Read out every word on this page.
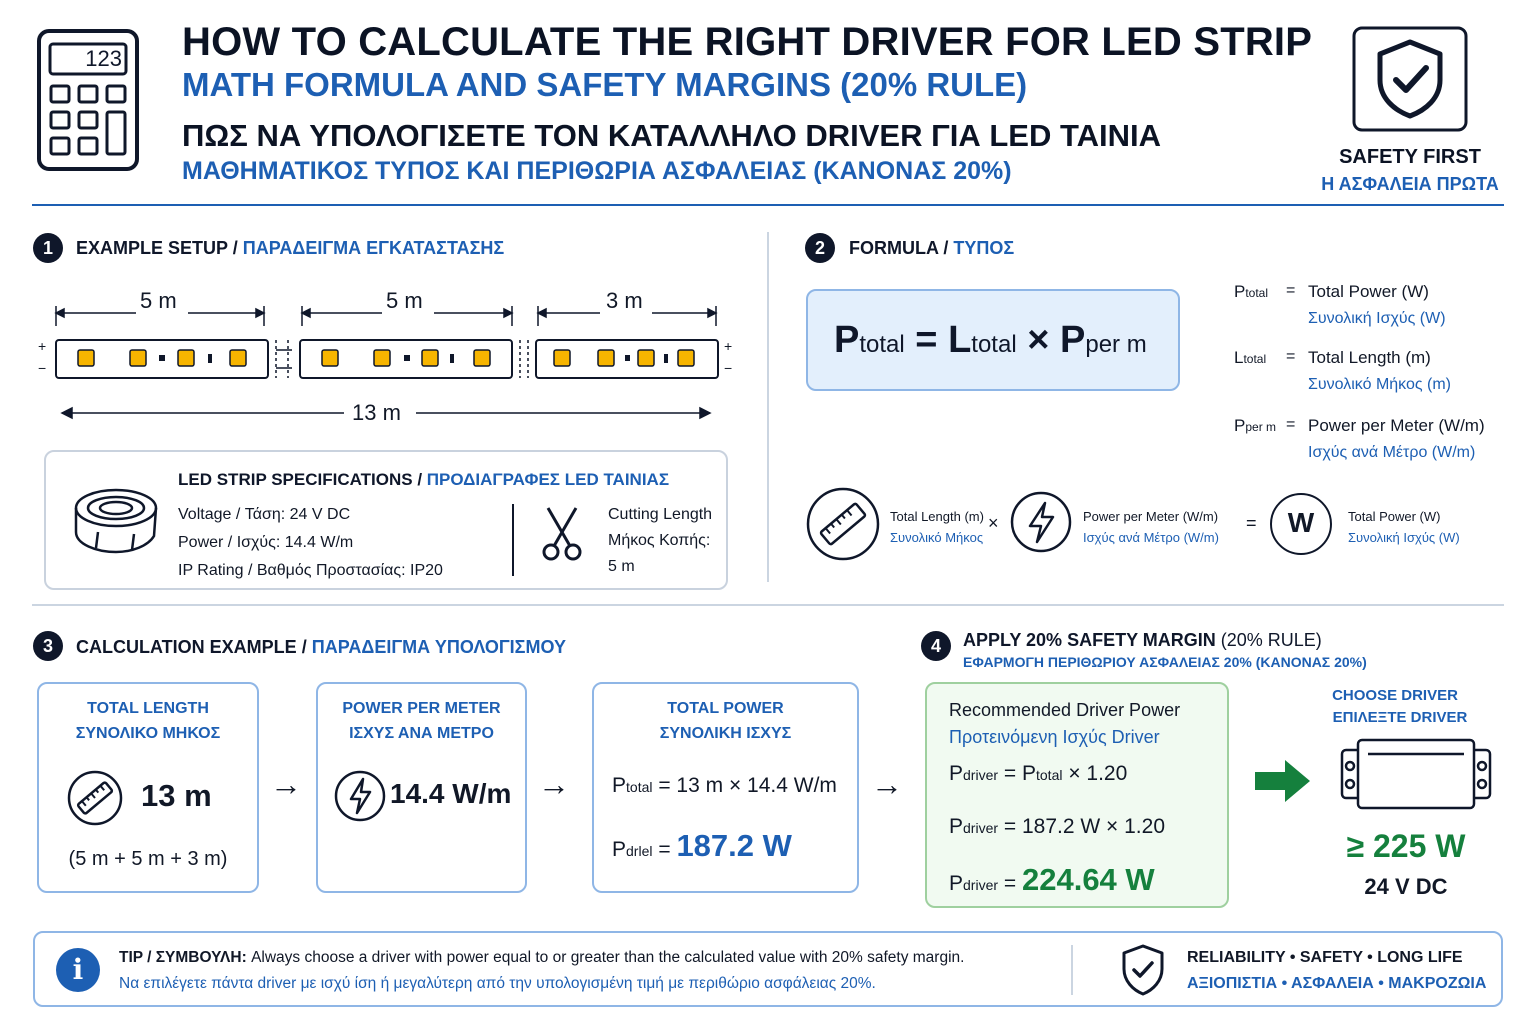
123 HOW TO CALCULATE THE RIGHT DRIVER FOR LED STRIP
MATH FORMULA AND SAFETY MARGINS (20% RULE)
ΠΩΣ ΝΑ ΥΠΟΛΟΓΙΣΕΤΕ ΤΟΝ ΚΑΤΑΛΛΗΛΟ DRIVER ΓΙΑ LED ΤΑΙΝΙΑ
ΜΑΘΗΜΑΤΙΚΟΣ ΤΥΠΟΣ ΚΑΙ ΠΕΡΙΘΩΡΙΑ ΑΣΦΑΛΕΙΑΣ (ΚΑΝΟΝΑΣ 20%)	SAFETY FIRST
Η ΑΣΦΑΛΕΙΑ ΠΡΩΤΑ
1	EXAMPLE SETUP / ΠΑΡΑΔΕΙΓΜΑ ΕΓΚΑΤΑΣΤΑΣΗΣ
5 m	5 m	3 m
13 m
+
−
+
−
LED STRIP SPECIFICATIONS / ΠΡΟΔΙΑΓΡΑΦΕΣ LED ΤΑΙΝΙΑΣ
Voltage / Τάση: 24 V DC
Power / Ισχύς: 14.4 W/m
IP Rating / Βαθμός Προστασίας: IP20
Cutting Length
Μήκος Κοπής:
5 m
2	FORMULA / ΤΥΠΟΣ
Ptotal = Ltotal × Pper m
Ptotal = Total Power (W)
Συνολική Ισχύς (W)
Ltotal = Total Length (m)
Συνολικό Μήκος (m)
Pper m = Power per Meter (W/m)
Ισχύς ανά Μέτρο (W/m)
Total Length (m)
Συνολικό Μήκος
×	Power per Meter (W/m)
Ισχύς ανά Μέτρο (W/m)
=	W	Total Power (W)
Συνολική Ισχύς (W)
3	CALCULATION EXAMPLE / ΠΑΡΑΔΕΙΓΜΑ ΥΠΟΛΟΓΙΣΜΟΥ
TOTAL LENGTH
ΣΥΝΟΛΙΚΟ ΜΗΚΟΣ
13 m
(5 m + 5 m + 3 m)
→
POWER PER METER
ΙΣΧΥΣ ΑΝΑ ΜΕΤΡΟ
14.4 W/m →
TOTAL POWER
ΣΥΝΟΛΙΚΗ ΙΣΧΥΣ
Ptotal = 13 m × 14.4 W/m
Pdrlel = 187.2 W
→
4	APPLY 20% SAFETY MARGIN (20% RULE)
ΕΦΑΡΜΟΓΗ ΠΕΡΙΘΩΡΙΟΥ ΑΣΦΑΛΕΙΑΣ 20% (ΚΑΝΟΝΑΣ 20%)
Recommended Driver Power
Προτεινόμενη Ισχύς Driver
Pdriver = Ptotal × 1.20
Pdriver = 187.2 W × 1.20
Pdriver = 224.64 W
CHOOSE DRIVER
ΕΠΙΛΕΞΤΕ DRIVER
≥ 225 W
24 V DC
i	TIP / ΣΥΜΒΟΥΛΗ: Always choose a driver with power equal to or greater than the calculated value with 20% safety margin.
Να επιλέγετε πάντα driver με ισχύ ίση ή μεγαλύτερη από την υπολογισμένη τιμή με περιθώριο ασφάλειας 20%.
RELIABILITY • SAFETY • LONG LIFE
ΑΞΙΟΠΙΣΤΙΑ • ΑΣΦΑΛΕΙΑ • ΜΑΚΡΟΖΩΙΑ
